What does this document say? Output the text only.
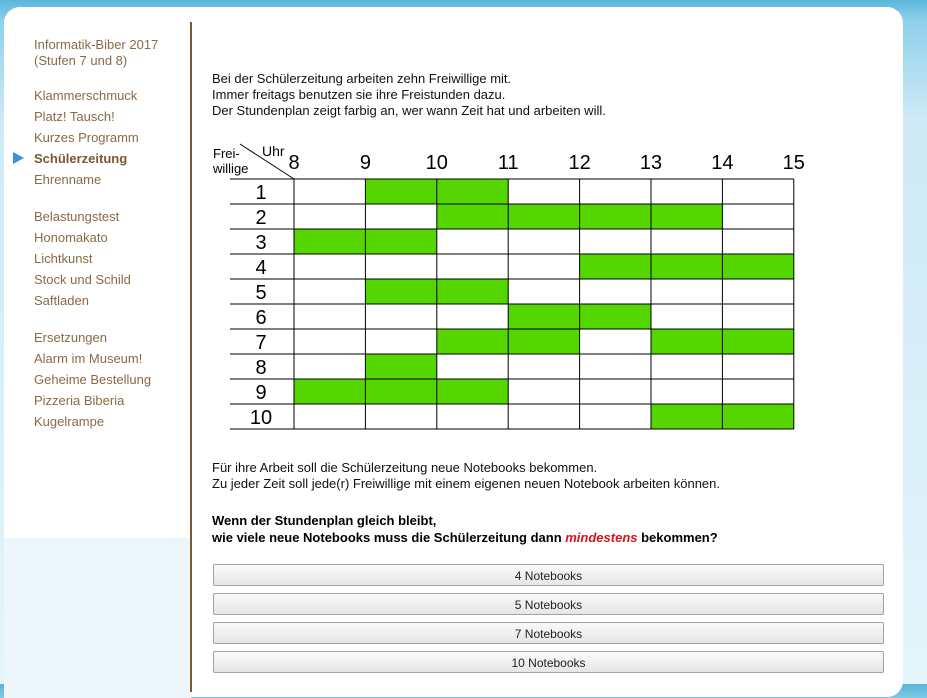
Informatik-Biber 2017
(Stufen 7 und 8)
Klammerschmuck
Platz! Tausch!
Kurzes Programm
Schülerzeitung
Ehrenname
Belastungstest
Honomakato
Lichtkunst
Stock und Schild
Saftladen
Ersetzungen
Alarm im Museum!
Geheime Bestellung
Pizzeria Biberia
Kugelrampe
Bei der Schülerzeitung arbeiten zehn Freiwillige mit.
Immer freitags benutzen sie ihre Freistunden dazu.
Der Stundenplan zeigt farbig an, wer wann Zeit hat und arbeiten will.
Uhr
Frei-
willige 8	9	10 11 12 13 14 15
1
2
3
4
5
6
7
8
9
10
Für ihre Arbeit soll die Schülerzeitung neue Notebooks bekommen.
Zu jeder Zeit soll jede(r) Freiwillige mit einem eigenen neuen Notebook arbeiten können.
Wenn der Stundenplan gleich bleibt,
wie viele neue Notebooks muss die Schülerzeitung dann mindestens bekommen?
4 Notebooks
5 Notebooks
7 Notebooks
10 Notebooks
